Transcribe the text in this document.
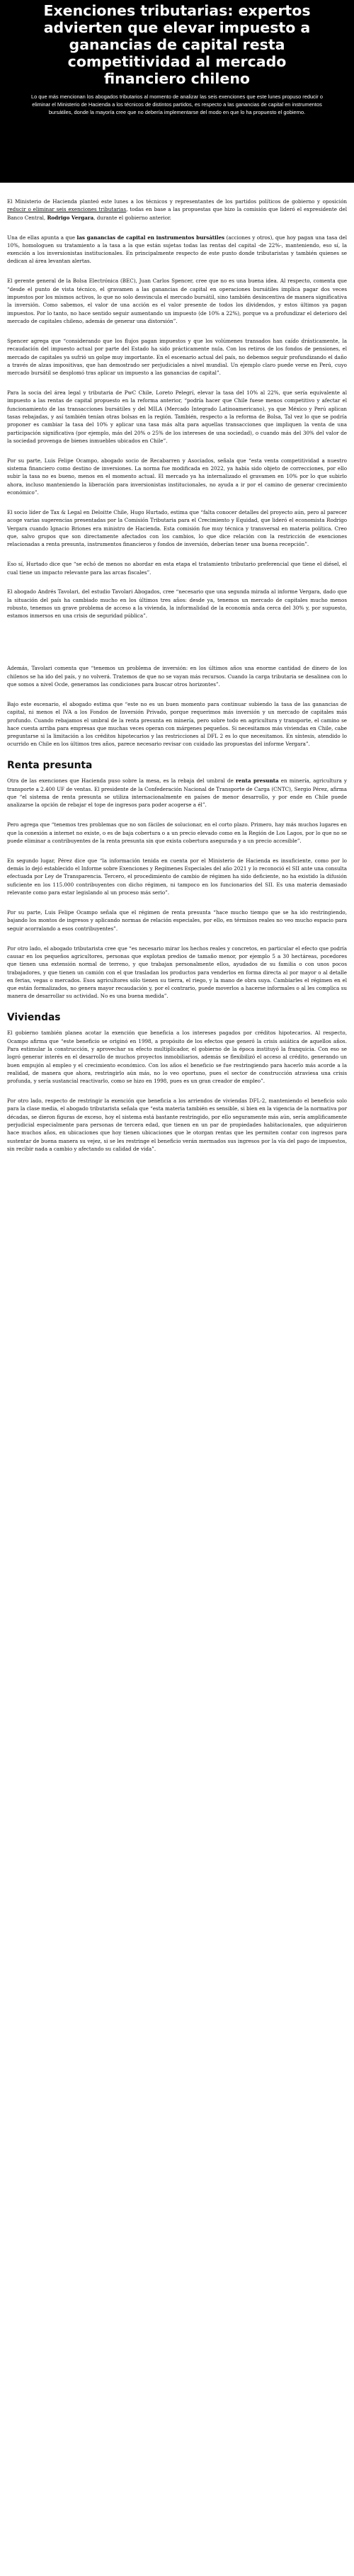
Exenciones tributarias: expertos advierten que elevar impuesto a ganancias de capital resta competitividad al mercado financiero chileno

Lo que más mencionan los abogados tributarios al momento de analizar las seis exenciones que este lunes propuso reducir o eliminar el Ministerio de Hacienda a los técnicos de distintos partidos, es respecto a las ganancias de capital en instrumentos bursátiles, donde la mayoría cree que no debería implementarse del modo en que lo ha propuesto el gobierno.

El Ministerio de Hacienda planteó este lunes a los técnicos y representantes de los partidos políticos de gobierno y oposición reducir o eliminar seis exenciones tributarias, todas en base a las propuestas que hizo la comisión que lideró el expresidente del Banco Central, Rodrigo Vergara, durante el gobierno anterior.

Una de ellas apunta a que las ganancias de capital en instrumentos bursátiles (acciones y otros), que hoy pagan una tasa del 10%, homologuen su tratamiento a la tasa a la que están sujetas todas las rentas del capital -de 22%-, manteniendo, eso sí, la exención a los inversionistas institucionales. En principalmente respecto de este punto donde tributaristas y también quienes se dedican al área levantan alertas.

El gerente general de la Bolsa Electrónica (BEC), Juan Carlos Spencer, cree que no es una buena idea. Al respecto, comenta que “desde el punto de vista técnico, el gravamen a las ganancias de capital en operaciones bursátiles implica pagar dos veces impuestos por los mismos activos, lo que no solo desvincula el mercado bursátil, sino también desincentiva de manera significativa la inversión. Como sabemos, el valor de una acción es el valor presente de todos los dividendos, y estos últimos ya pagan impuestos. Por lo tanto, no hace sentido seguir aumentando un impuesto (de 10% a 22%), porque va a profundizar el deterioro del mercado de capitales chileno, además de generar una distorsión”.

Spencer agrega que “considerando que los flujos pagan impuestos y que los volúmenes transados han caído drásticamente, la recaudación del impuesto actual por parte del Estado ha sido prácticamente nula. Con los retiros de los fondos de pensiones, el mercado de capitales ya sufrió un golpe muy importante. En el escenario actual del país, no debemos seguir profundizando el daño a través de alzas impositivas, que han demostrado ser perjudiciales a nivel mundial. Un ejemplo claro puede verse en Perú, cuyo mercado bursátil se desplomó tras aplicar un impuesto a las ganancias de capital”.

Para la socia del área legal y tributaria de PwC Chile, Loreto Pelegrí, elevar la tasa del 10% al 22%, que sería equivalente al impuesto a las rentas de capital propuesto en la reforma anterior, “podría hacer que Chile fuese menos competitivo y afectar el funcionamiento de las transacciones bursátiles y del MILA (Mercado Integrado Latinoamericano), ya que México y Perú aplican tasas rebajadas, y así también tenían otras bolsas en la región. También, respecto a la reforma de Bolsa, Tal vez lo que se podría proponer es cambiar la tasa del 10% y aplicar una tasa más alta para aquellas transacciones que impliquen la venta de una participación significativa (por ejemplo, más del 20% o 25% de los intereses de una sociedad), o cuando más del 30% del valor de la sociedad provenga de bienes inmuebles ubicados en Chile”.

Por su parte, Luis Felipe Ocampo, abogado socio de Recabarren y Asociados, señala que “esta venta competitividad a nuestro sistema financiero como destino de inversiones. La norma fue modificada en 2022, ya había sido objeto de correcciones, por ello subir la tasa no es bueno, menos en el momento actual. El mercado ya ha internalizado el gravamen en 10% por lo que subirlo ahora, incluso manteniendo la liberación para inversionistas institucionales, no ayuda a ir por el camino de generar crecimiento económico”.

El socio líder de Tax & Legal en Deloitte Chile, Hugo Hurtado, estima que “falta conocer detalles del proyecto aún, pero al parecer acoge varias sugerencias presentadas por la Comisión Tributaria para el Crecimiento y Equidad, que lideró el economista Rodrigo Vergara cuando Ignacio Briones era ministro de Hacienda. Esta comisión fue muy técnica y transversal en materia política. Creo que, salvo grupos que son directamente afectados con los cambios, lo que dice relación con la restricción de exenciones relacionadas a renta presunta, instrumentos financieros y fondos de inversión, deberían tener una buena recepción”.

Eso sí, Hurtado dice que “se echó de menos no abordar en esta etapa el tratamiento tributario preferencial que tiene el diésel, el cual tiene un impacto relevante para las arcas fiscales”.

El abogado Andrés Tavolari, del estudio Tavolari Abogados, cree “necesario que una segunda mirada al informe Vergara, dado que la situación del país ha cambiado mucho en los últimos tres años: desde ya, tenemos un mercado de capitales mucho menos robusto, tenemos un grave problema de acceso a la vivienda, la informalidad de la economía anda cerca del 30% y, por supuesto, estamos inmersos en una crisis de seguridad pública”.

Además, Tavolari comenta que “tenemos un problema de inversión: en los últimos años una enorme cantidad de dinero de los chilenos se ha ido del país, y no volverá. Tratemos de que no se vayan más recursos. Cuando la carga tributaria se desalinea con lo que somos a nivel Ocde, generamos las condiciones para buscar otros horizontes”.

Bajo este escenario, el abogado estima que “este no es un buen momento para continuar subiendo la tasa de las ganancias de capital, ni menos el IVA a los Fondos de Inversión Privado, porque requerimos más inversión y un mercado de capitales más profundo. Cuando rebajamos el umbral de la renta presunta en minería, pero sobre todo en agricultura y transporte, el camino se hace cuesta arriba para empresas que muchas veces operan con márgenes pequeños. Si necesitamos más viviendas en Chile, cabe preguntarse si la limitación a los créditos hipotecarios y las restricciones al DFL 2 es lo que necesitamos. En síntesis, atendido lo ocurrido en Chile en los últimos tres años, parece necesario revisar con cuidado las propuestas del informe Vergara”.

Renta presunta

Otra de las exenciones que Hacienda puso sobre la mesa, es la rebaja del umbral de renta presunta en minería, agricultura y transporte a 2.400 UF de ventas. El presidente de la Confederación Nacional de Transporte de Carga (CNTC), Sergio Pérez, afirma que “el sistema de renta presunta se utiliza internacionalmente en países de menor desarrollo, y por ende en Chile puede analizarse la opción de rebajar el tope de ingresos para poder acogerse a él”.

Pero agrega que “tenemos tres problemas que no son fáciles de solucionar, en el corto plazo. Primero, hay más muchos lugares en que la conexión a internet no existe, o es de baja cobertura o a un precio elevado como en la Región de Los Lagos, por lo que no se puede eliminar a contribuyentes de la renta presunta sin que exista cobertura asegurada y a un precio accesible”.

En segundo lugar, Pérez dice que “la información tenida en cuenta por el Ministerio de Hacienda es insuficiente, como por lo demás lo dejó establecido el Informe sobre Exenciones y Regímenes Especiales del año 2021 y lo reconoció el SII ante una consulta efectuada por Ley de Transparencia. Tercero, el procedimiento de cambio de régimen ha sido deficiente, no ha existido la difusión suficiente en los 115.000 contribuyentes con dicho régimen, ni tampoco en los funcionarios del SII. Es una materia demasiado relevante como para estar legislando al un proceso más serio”.

Por su parte, Luis Felipe Ocampo señala que el régimen de renta presunta “hace mucho tiempo que se ha ido restringiendo, bajando los montos de ingresos y aplicando normas de relación especiales, por ello, en términos reales no veo mucho espacio para seguir acorralando a esos contribuyentes”.

Por otro lado, el abogado tributarista cree que “es necesario mirar los hechos reales y concretos, en particular el efecto que podría causar en los pequeños agricultores, personas que explotan predios de tamaño menor, por ejemplo 5 a 30 hectáreas, pocedores que tienen una extensión normal de terreno, y que trabajan personalmente ellos, ayudados de su familia o con unos pocos trabajadores, y que tienen un camión con el que trasladan los productos para venderlos en forma directa al por mayor o al detalle en ferias, vegas o mercados. Esos agricultores sólo tienen su tierra, el riego, y la mano de obra suya. Cambiarles el régimen en el que están formalizados, no genera mayor recaudación y, por el contrario, puede moverlos a hacerse informales o al les complica su manera de desarrollar su actividad. No es una buena medida”.

Viviendas

El gobierno también planea acotar la exención que beneficia a los intereses pagados por créditos hipotecarios. Al respecto, Ocampo afirma que “este beneficio se originó en 1998, a propósito de los efectos que generó la crisis asiática de aquellos años. Para estimular la construcción, y aprovechar su efecto multiplicador, el gobierno de la época instituyó la franquicia. Con eso se logró generar interés en el desarrollo de muchos proyectos inmobiliarios, además se flexibilizó el acceso al crédito, generando un buen empujón al empleo y el crecimiento económico. Con los años el beneficio se fue restringiendo para hacerlo más acorde a la realidad, de manera que ahora, restringirlo aún más, no lo veo oportuno, pues el sector de construcción atraviesa una crisis profunda, y sería sustancial reactivarlo, como se hizo en 1998, pues es un gran creador de empleo”.

Por otro lado, respecto de restringir la exención que beneficia a los arriendos de viviendas DFL-2, manteniendo el beneficio solo para la clase media, el abogado tributarista señala que “esta materia también es sensible, si bien en la vigencia de la normativa por décadas, se dieron figuras de exceso, hoy el sistema está bastante restringido, por ello seguramente más aún, sería amplificamente perjudicial especialmente para personas de tercera edad, que tienen en un par de propiedades habitacionales, que adquirieron hace muchos años, en ubicaciones que hoy tienen ubicaciones que le otorgan rentas que les permiten contar con ingresos para sustentar de buena manera su vejez, si se les restringe el beneficio verán mermados sus ingresos por la vía del pago de impuestos, sin recibir nada a cambio y afectando su calidad de vida”.
